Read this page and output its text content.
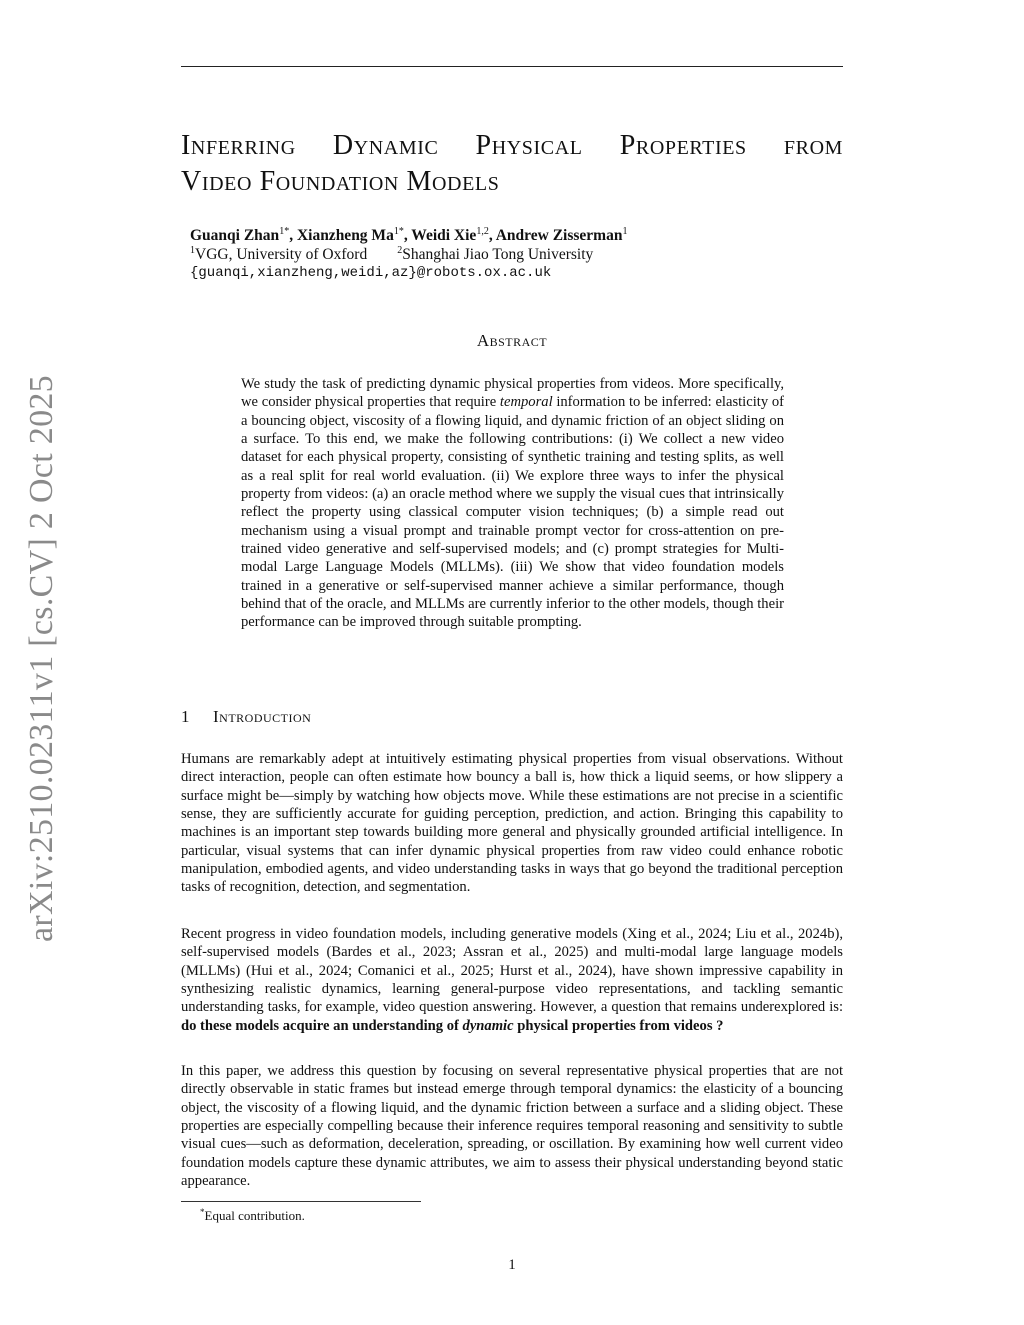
arXiv:2510.02311v1 [cs.CV] 2 Oct 2025
Inferring Dynamic Physical Properties from
Video Foundation Models
Guanqi Zhan$^{1*}$, Xianzheng $Ma^{1*}$, Weidi Xie$^{1,2}$, Andrew Zisserman$^1$
$^1$VGG, University of Oxford	$^2$Shanghai Jiao Tong University
{guanqi,xianzheng,weidi,az}@robots.ox.ac.uk
Abstract
We study the task of predicting dynamic physical properties from videos. More specifically, we consider physical properties that require temporal information to be inferred: elasticity of a bouncing object, viscosity of a flowing liquid, and dynamic friction of an object sliding on a surface. To this end, we make the following contributions: (i) We collect a new video dataset for each physical property, consisting of synthetic training and testing splits, as well as a real split for real world evaluation. (ii) We explore three ways to infer the physical property from videos: (a) an oracle method where we supply the visual cues that intrinsically reflect the property using classical computer vision techniques; (b) a simple read out mechanism using a visual prompt and trainable prompt vector for cross-attention on pre-trained video generative and self-supervised models; and (c) prompt strategies for Multi-modal Large Language Models (MLLMs). (iii) We show that video foundation models trained in a generative or self-supervised manner achieve a similar performance, though behind that of the oracle, and MLLMs are currently inferior to the other models, though their performance can be improved through suitable prompting.
1 Introduction

Humans are remarkably adept at intuitively estimating physical properties from visual observations. Without direct interaction, people can often estimate how bouncy a ball is, how thick a liquid seems, or how slippery a surface might be—simply by watching how objects move. While these estimations are not precise in a scientific sense, they are sufficiently accurate for guiding perception, prediction, and action. Bringing this capability to machines is an important step towards building more general and physically grounded artificial intelligence. In particular, visual systems that can infer dynamic physical properties from raw video could enhance robotic manipulation, embodied agents, and video understanding tasks in ways that go beyond the traditional perception tasks of recognition, detection, and segmentation.

Recent progress in video foundation models, including generative models (Xing et al., 2024; Liu et al., 2024b), self-supervised models (Bardes et al., 2023; Assran et al., 2025) and multi-modal large language models (MLLMs) (Hui et al., 2024; Comanici et al., 2025; Hurst et al., 2024), have shown impressive capability in synthesizing realistic dynamics, learning general-purpose video representations, and tackling semantic understanding tasks, for example, video question answering. However, a question that remains underexplored is: do these models acquire an understanding of dynamic physical properties from videos ?

In this paper, we address this question by focusing on several representative physical properties that are not directly observable in static frames but instead emerge through temporal dynamics: the elasticity of a bouncing object, the viscosity of a flowing liquid, and the dynamic friction between a surface and a sliding object. These properties are especially compelling because their inference requires temporal reasoning and sensitivity to subtle visual cues—such as deformation, deceleration, spreading, or oscillation. By examining how well current video foundation models capture these dynamic attributes, we aim to assess their physical understanding beyond static appearance.

*Equal contribution.
1
